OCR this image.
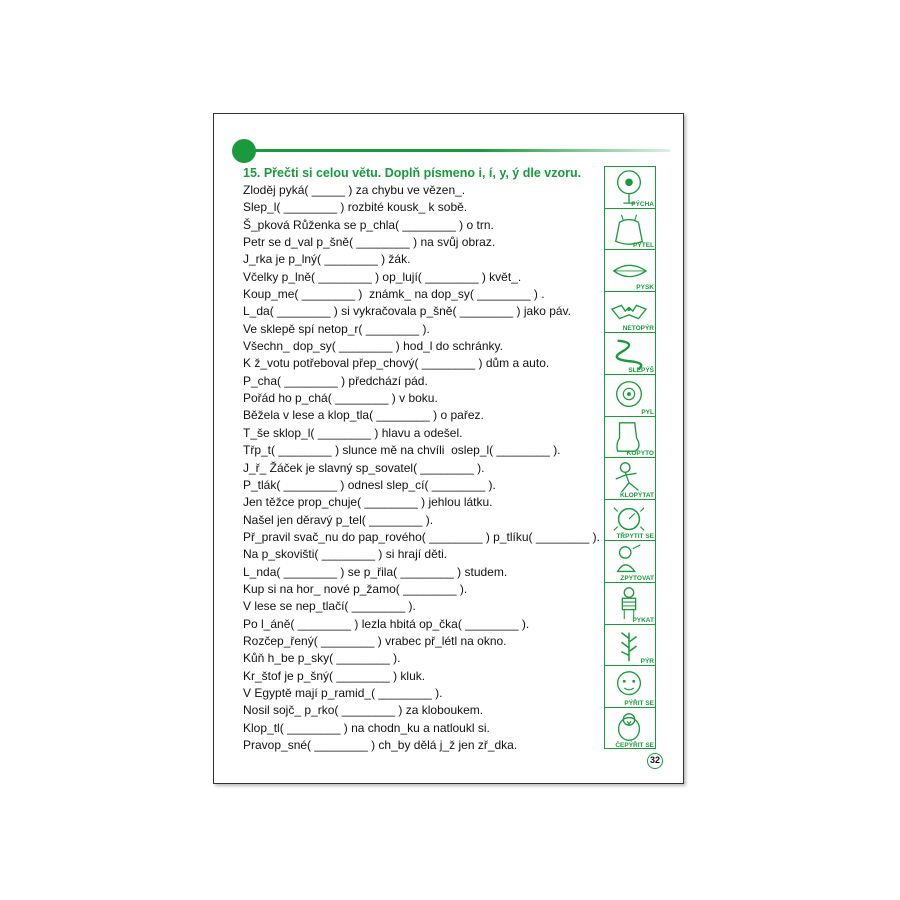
15. Přečti si celou větu. Doplň písmeno i, í, y, ý dle vzoru.
Zloděj pyká( _____ ) za chybu ve vězen_.
Slep_l( ________ ) rozbité kousk_ k sobě.
Š_pková Růženka se p_chla( ________ ) o trn.
Petr se d_val p_šně( ________ ) na svůj obraz.
J_rka je p_lný( ________ ) žák.
Včelky p_lně( ________ ) op_lují( ________ ) květ_.
Koup_me( ________ )  známk_ na dop_sy( ________ ) .
L_da( ________ ) si vykračovala p_šně( ________ ) jako páv.
Ve sklepě spí netop_r( ________ ).
Všechn_ dop_sy( ________ ) hod_l do schránky.
K ž_votu potřeboval přep_chový( ________ ) dům a auto.
P_cha( ________ ) předchází pád.
Pořád ho p_chá( ________ ) v boku.
Běžela v lese a klop_tla( ________ ) o pařez.
T_še sklop_l( ________ ) hlavu a odešel.
Třp_t( ________ ) slunce mě na chvíli  oslep_l( ________ ).
J_ř_ Žáček je slavný sp_sovatel( ________ ).
P_tlák( ________ ) odnesl slep_cí( ________ ).
Jen těžce prop_chuje( ________ ) jehlou látku.
Našel jen děravý p_tel( ________ ).
Př_pravil svač_nu do pap_rového( ________ ) p_tlíku( ________ ).
Na p_skovišti( ________ ) si hrají děti.
L_nda( ________ ) se p_řila( ________ ) studem.
Kup si na hor_ nové p_žamo( ________ ).
V lese se nep_tlačí( ________ ).
Po l_áně( ________ ) lezla hbitá op_čka( ________ ).
Rozčep_řený( ________ ) vrabec př_létl na okno.
Kůň h_be p_sky( ________ ).
Kr_štof je p_šný( ________ ) kluk.
V Egyptě mají p_ramid_( ________ ).
Nosil sojč_ p_rko( ________ ) za kloboukem.
Klop_tl( ________ ) na chodn_ku a natloukl si.
Pravop_sné( ________ ) ch_by dělá j_ž jen zř_dka.
PÝCHA
PYTEL
PYSK
NETOPÝR
SLEPÝŠ
PYL
KOPYTO
KLOPÝTAT
TŘPYTIT SE
ZPYTOVAT
PYKAT
PÝR
PÝŘIT SE
ČEPÝŘIT SE
32
